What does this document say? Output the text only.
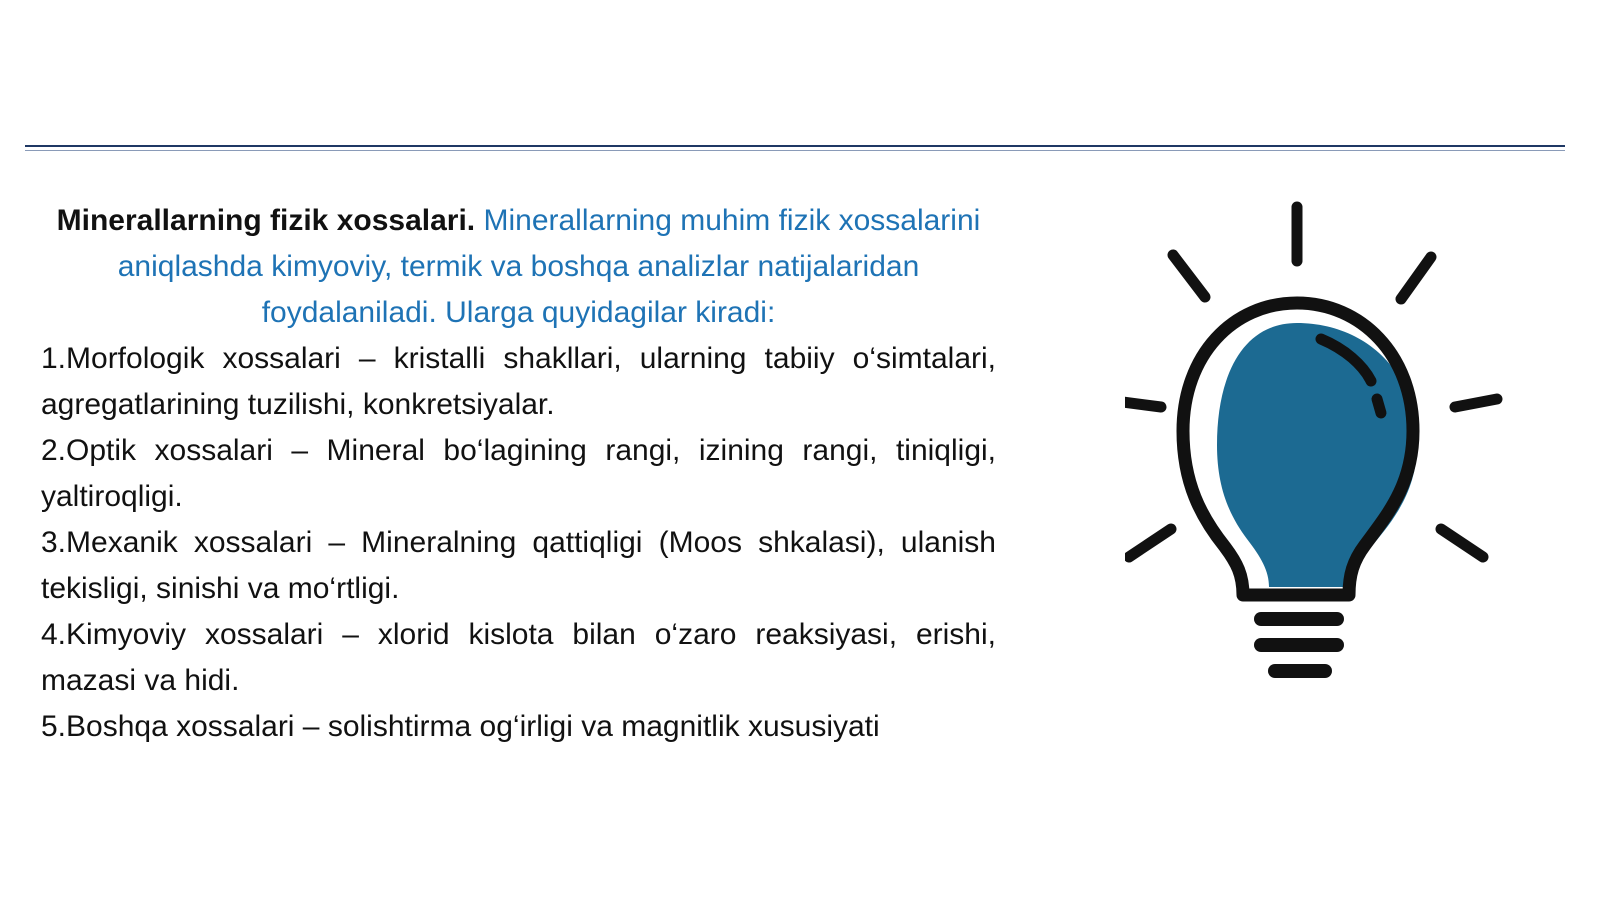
Minerallarning fizik xossalari. Minerallarning muhim fizik xossalarini aniqlashda kimyoviy, termik va boshqa analizlar natijalaridan foydalaniladi. Ularga quyidagilar kiradi:

1.Morfologik xossalari – kristalli shakllari, ularning tabiiy o‘simtalari, agregatlarining tuzilishi, konkretsiyalar.
2.Optik xossalari – Mineral bo‘lagining rangi, izining rangi, tiniqligi, yaltiroqligi.
3.Mexanik xossalari – Mineralning qattiqligi (Moos shkalasi), ulanish tekisligi, sinishi va mo‘rtligi.
4.Kimyoviy xossalari – xlorid kislota bilan o‘zaro reaksiyasi, erishi, mazasi va hidi.
5.Boshqa xossalari – solishtirma og‘irligi va magnitlik xususiyati
